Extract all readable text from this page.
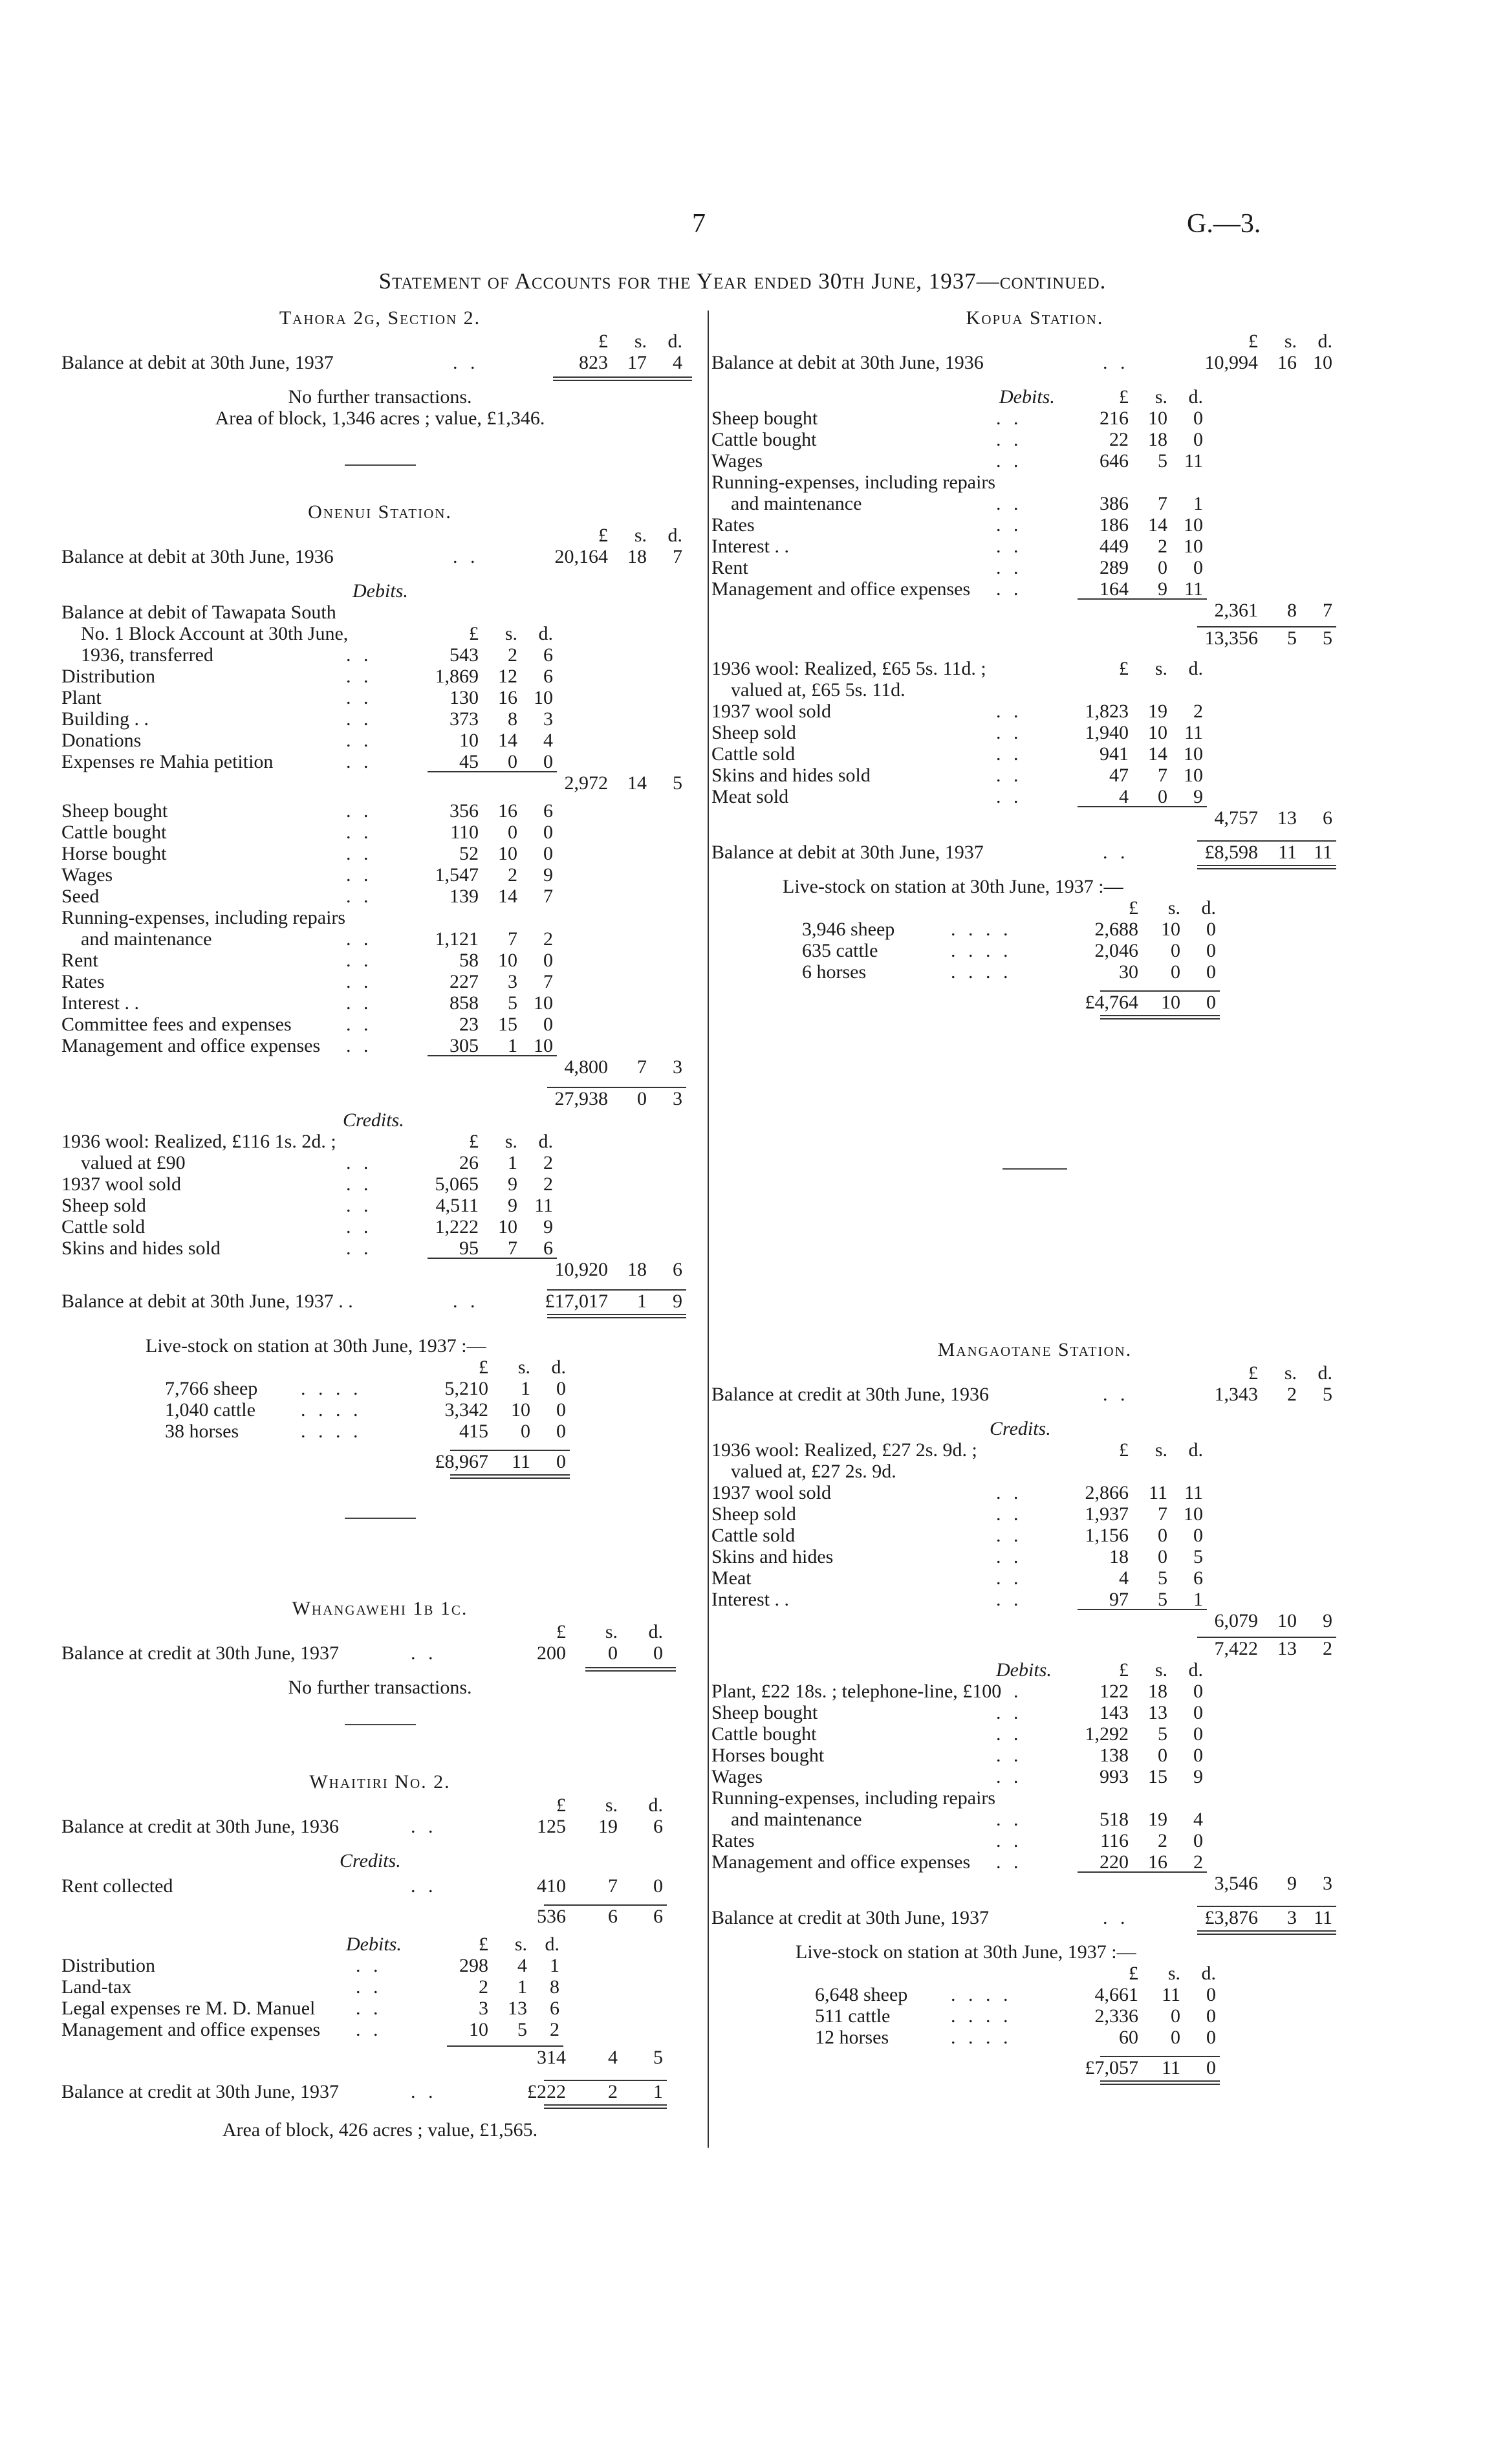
7	G.—3.
Statement of Accounts for the Year ended 30th June, 1937—continued.
Tahora 2g, Section 2.
£	s.	d.
Balance at debit at 30th June, 1937	. .	823	17	4
No further transactions.
Area of block, 1,346 acres ; value, £1,346.
Onenui Station.
£	s.	d.
Balance at debit at 30th June, 1936	. .	20,164	18	7
Debits.
Balance at debit of Tawapata South
No. 1 Block Account at 30th June,	£	s.	d.
1936, transferred	543	2	6
. .
Distribution	1,869	12	6
. .
Plant	130	16 10
. .
Building . .	373	8	3
. .
Donations	10	14	4
. .
Expenses re Mahia petition	45	0	0
. .
2,972	14	5
Sheep bought	356	16	6
. .
Cattle bought	110	0	0
. .
Horse bought	52	10	0
. .
Wages	1,547	2	9
. .
Seed	139	14	7
. .
Running-expenses, including repairs
and maintenance	1,121	7	2
. .
Rent	58	10	0
. .
Rates	227	3	7
. .
Interest . .	858	5 10
. .
Committee fees and expenses	23	15	0
. .
Management and office expenses	305	1 10
. .
4,800	7	3
27,938	0	3
Credits.
1936 wool: Realized, £116 1s. 2d. ;	£	s.	d.
valued at £90	26	1	2
. .
1937 wool sold	5,065	9	2
. .
Sheep sold	4,511	9 11
. .
Cattle sold	1,222	10	9
. .
Skins and hides sold	95	7	6
. .
10,920	18	6
Balance at debit at 30th June, 1937 . .	. .	£17,017	1	9
Live-stock on station at 30th June, 1937 :—
£	s.	d.
7,766 sheep	5,210	1	0
. . . .
1,040 cattle	3,342	10	0
. . . .
38 horses	415	0	0
. . . .
£8,967	11	0
Whangawehi 1b 1c.
£	s.	d.
Balance at credit at 30th June, 1937	. .	200	0	0
No further transactions.
Whaitiri No. 2.
£	s.	d.
Balance at credit at 30th June, 1936	. .	125	19	6
Credits.
Rent collected	. .	410	7	0
536	6	6
Debits.	£	s. d.
Distribution	298	4	1
. .
Land-tax	2	1	8
. .
Legal expenses re M. D. Manuel	3	13	6
. .
Management and office expenses	10	5	2
. .
314	4	5
Balance at credit at 30th June, 1937	. .	£222	2	1
Area of block, 426 acres ; value, £1,565.
Kopua Station.
£	s.	d.
Balance at debit at 30th June, 1936	. .	10,994	16 10
Debits.	£	s.	d.
Sheep bought	216	10	0
. .
Cattle bought	22	18	0
. .
Wages	646	5 11
. .
Running-expenses, including repairs
and maintenance	386	7	1
. .
Rates	186	14 10
. .
Interest . .	449	2 10
. .
Rent	289	0	0
. .
Management and office expenses	164	9 11
. .
2,361	8	7
13,356	5	5
1936 wool: Realized, £65 5s. 11d. ;	£	s.	d.
valued at, £65 5s. 11d.
1937 wool sold	1,823	19	2
. .
Sheep sold	1,940	10 11
. .
Cattle sold	941	14 10
. .
Skins and hides sold	47	7 10
. .
Meat sold	4	0	9
. .
4,757	13	6
Balance at debit at 30th June, 1937	. .	£8,598	11 11
Live-stock on station at 30th June, 1937 :—
£	s.	d.
3,946 sheep	2,688	10	0
. . . .
635 cattle	2,046	0	0
. . . .
6 horses	30	0	0
. . . .
£4,764	10	0
Mangaotane Station.
£	s.	d.
Balance at credit at 30th June, 1936	. .	1,343	2	5
Credits.
1936 wool: Realized, £27 2s. 9d. ;	£	s.	d.
valued at, £27 2s. 9d.
1937 wool sold	2,866	11 11
. .
Sheep sold	1,937	7 10
. .
Cattle sold	1,156	0	0
. .
Skins and hides	18	0	5
. .
Meat	4	5	6
. .
Interest . .	97	5	1
. .
6,079	10	9
7,422	13	2
Debits.	£	s.	d.
Plant, £22 18s. ; telephone-line, £100	122	18	0
. .
Sheep bought	143	13	0
. .
Cattle bought	1,292	5	0
. .
Horses bought	138	0	0
. .
Wages	993	15	9
. .
Running-expenses, including repairs
and maintenance	518	19	4
. .
Rates	116	2	0
. .
Management and office expenses	220	16	2
. .
3,546	9	3
Balance at credit at 30th June, 1937	. .	£3,876	3 11
Live-stock on station at 30th June, 1937 :—
£	s.	d.
6,648 sheep	4,661	11	0
. . . .
511 cattle	2,336	0	0
. . . .
12 horses	60	0	0
. . . .
£7,057	11	0
